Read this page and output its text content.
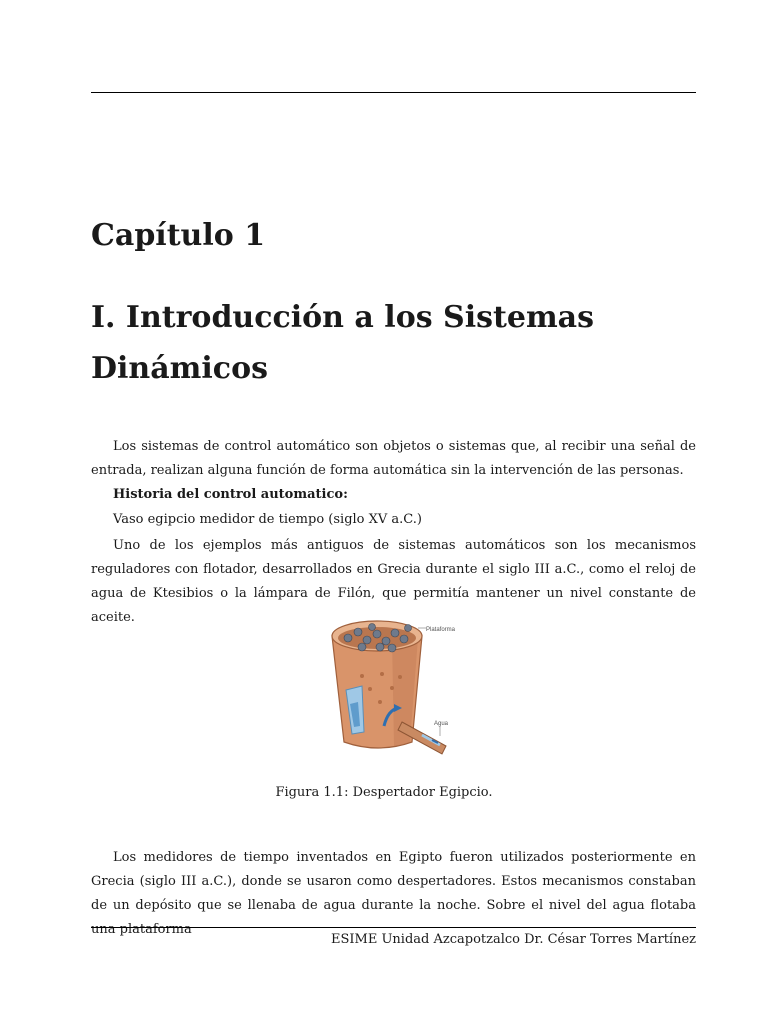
Capítulo 1
I. Introducción a los Sistemas Dinámicos

Los sistemas de control automático son objetos o sistemas que, al recibir una señal de entrada, realizan alguna función de forma automática sin la intervención de las personas.

Historia del control automatico:

Vaso egipcio medidor de tiempo (siglo XV a.C.)

Uno de los ejemplos más antiguos de sistemas automáticos son los mecanismos reguladores con flotador, desarrollados en Grecia durante el siglo III a.C., como el reloj de agua de Ktesibios o la lámpara de Filón, que permitía mantener un nivel constante de aceite.

Plataforma
Agua
Figura 1.1: Despertador Egipcio.

Los medidores de tiempo inventados en Egipto fueron utilizados posteriormente en Grecia (siglo III a.C.), donde se usaron como despertadores. Estos mecanismos constaban de un depósito que se llenaba de agua durante la noche. Sobre el nivel del agua flotaba una plataforma

ESIME Unidad Azcapotzalco Dr. César Torres Martínez
